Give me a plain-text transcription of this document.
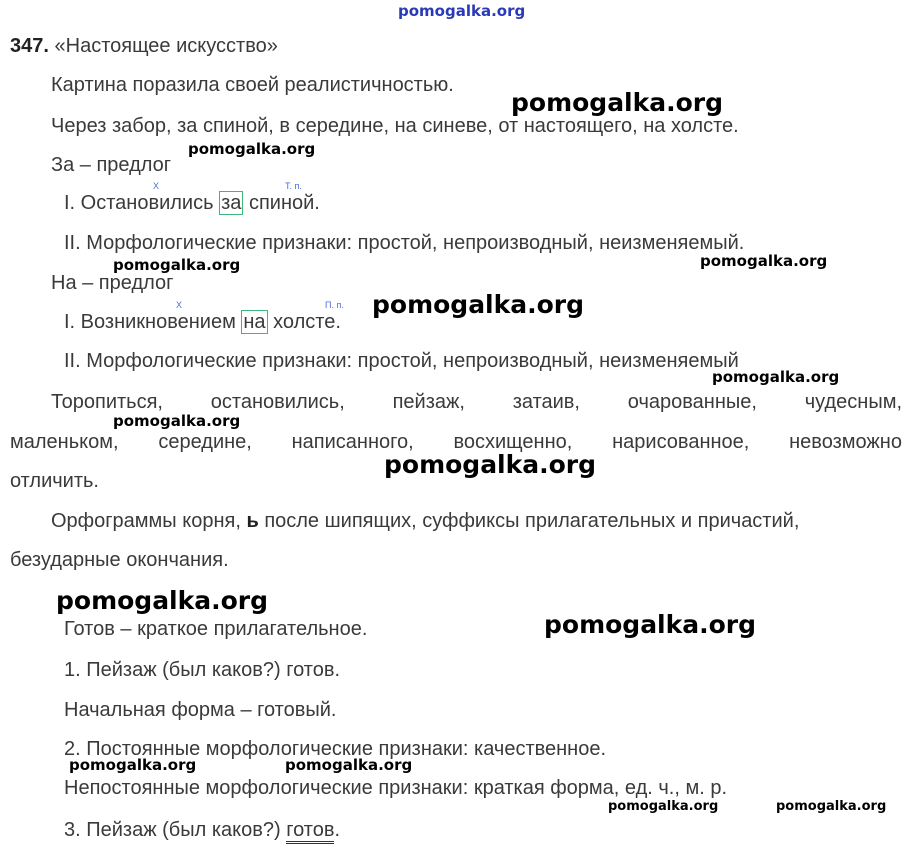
pomogalka.org
347. «Настоящее искусство»
Картина поразила своей реалистичностью.
pomogalka.org
Через забор, за спиной, в середине, на синеве, от настоящего, на холсте.
За – предлог
pomogalka.org
Х	Т. п.
I. Остановились за спиной.
II. Морфологические признаки: простой, непроизводный, неизменяемый.
pomogalka.org	pomogalka.org
На – предлог
Х	П. п.
I. Возникновением на холсте.
pomogalka.org
II. Морфологические признаки: простой, непроизводный, неизменяемый
pomogalka.org
Торопиться, остановились, пейзаж, затаив, очарованные, чудесным,
pomogalka.org
маленьком, середине, написанного, восхищенно, нарисованное, невозможно
pomogalka.org
отличить.
Орфограммы корня,
ь
после шипящих, суффиксы прилагательных и причастий,
безударные окончания.
pomogalka.org
Готов – краткое прилагательное.	pomogalka.org
1. Пейзаж (был каков?) готов.
Начальная форма – готовый.
2. Постоянные морфологические признаки: качественное.
pomogalka.org	pomogalka.org
Непостоянные морфологические признаки: краткая форма, ед. ч., м. р.
pomogalka.org	pomogalka.org
3. Пейзаж (был каков?) готов.
